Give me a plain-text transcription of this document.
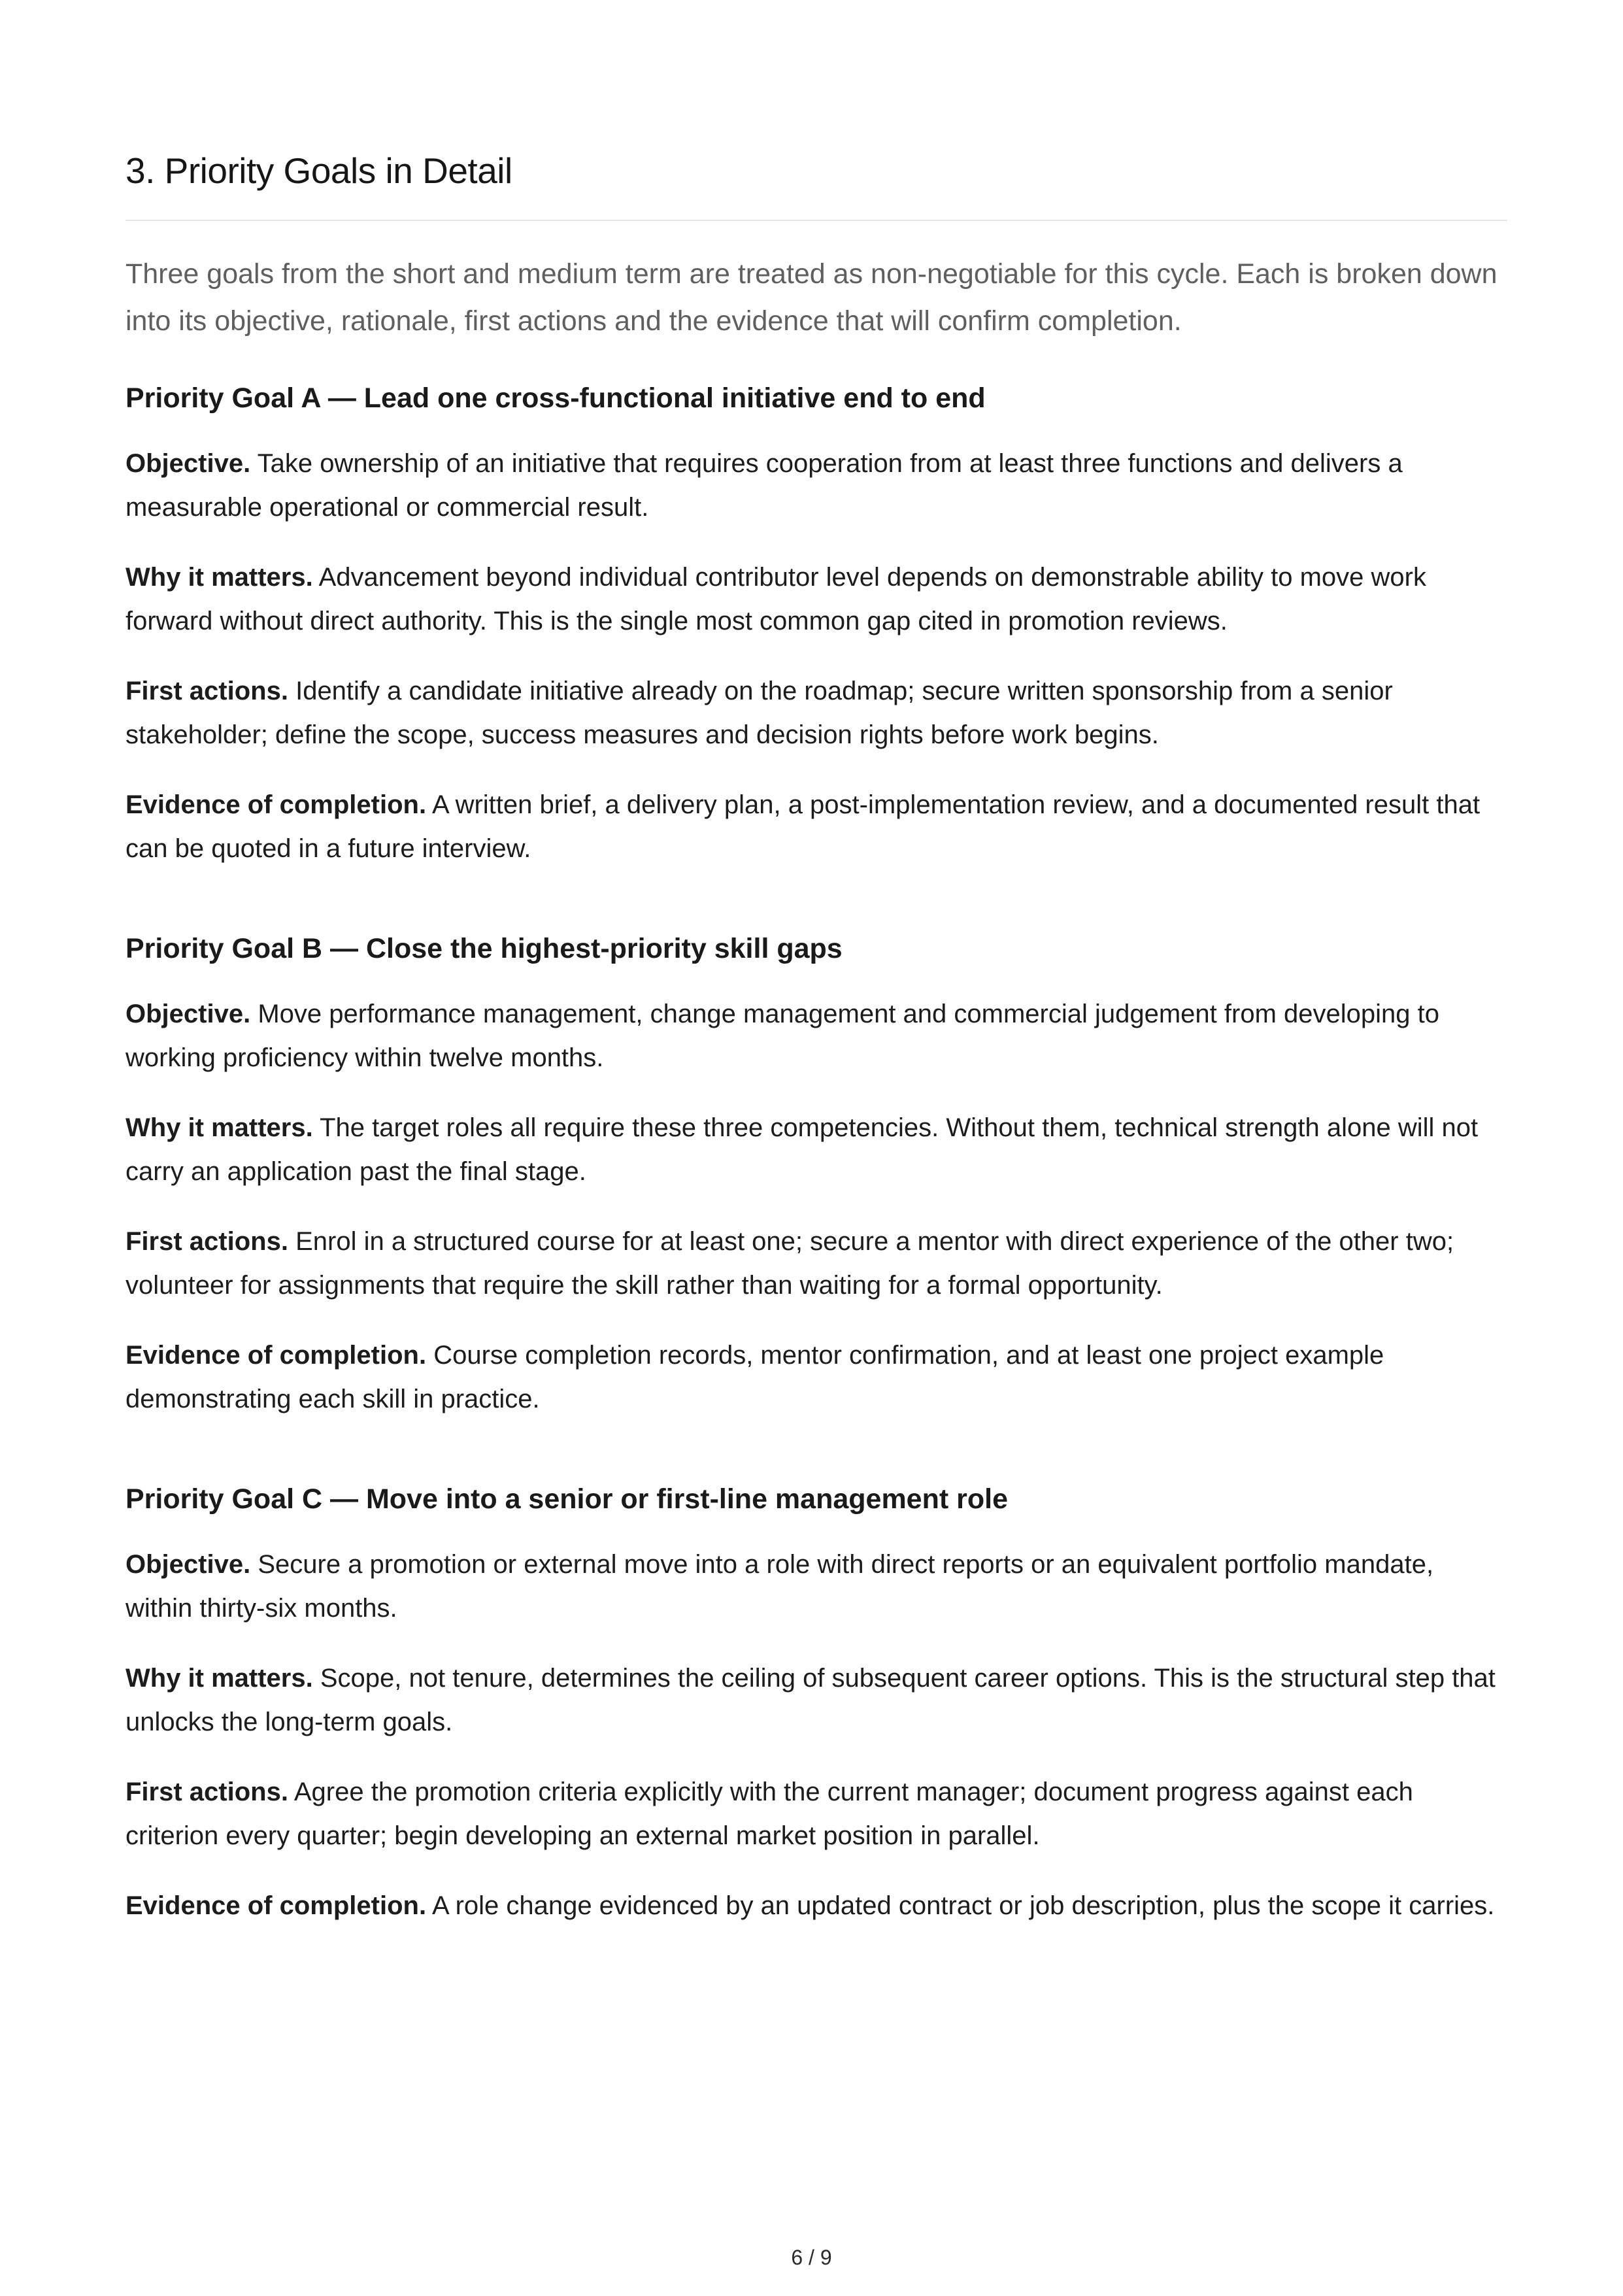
3. Priority Goals in Detail

Three goals from the short and medium term are treated as non-negotiable for this cycle. Each is broken down into its objective, rationale, first actions and the evidence that will confirm completion.

Priority Goal A — Lead one cross-functional initiative end to end

Objective. Take ownership of an initiative that requires cooperation from at least three functions and delivers a measurable operational or commercial result.

Why it matters. Advancement beyond individual contributor level depends on demonstrable ability to move work forward without direct authority. This is the single most common gap cited in promotion reviews.

First actions. Identify a candidate initiative already on the roadmap; secure written sponsorship from a senior stakeholder; define the scope, success measures and decision rights before work begins.

Evidence of completion. A written brief, a delivery plan, a post-implementation review, and a documented result that can be quoted in a future interview.

Priority Goal B — Close the highest-priority skill gaps

Objective. Move performance management, change management and commercial judgement from developing to working proficiency within twelve months.

Why it matters. The target roles all require these three competencies. Without them, technical strength alone will not carry an application past the final stage.

First actions. Enrol in a structured course for at least one; secure a mentor with direct experience of the other two; volunteer for assignments that require the skill rather than waiting for a formal opportunity.

Evidence of completion. Course completion records, mentor confirmation, and at least one project example demonstrating each skill in practice.

Priority Goal C — Move into a senior or first-line management role

Objective. Secure a promotion or external move into a role with direct reports or an equivalent portfolio mandate, within thirty-six months.

Why it matters. Scope, not tenure, determines the ceiling of subsequent career options. This is the structural step that unlocks the long-term goals.

First actions. Agree the promotion criteria explicitly with the current manager; document progress against each criterion every quarter; begin developing an external market position in parallel.

Evidence of completion. A role change evidenced by an updated contract or job description, plus the scope it carries.

6 / 9
